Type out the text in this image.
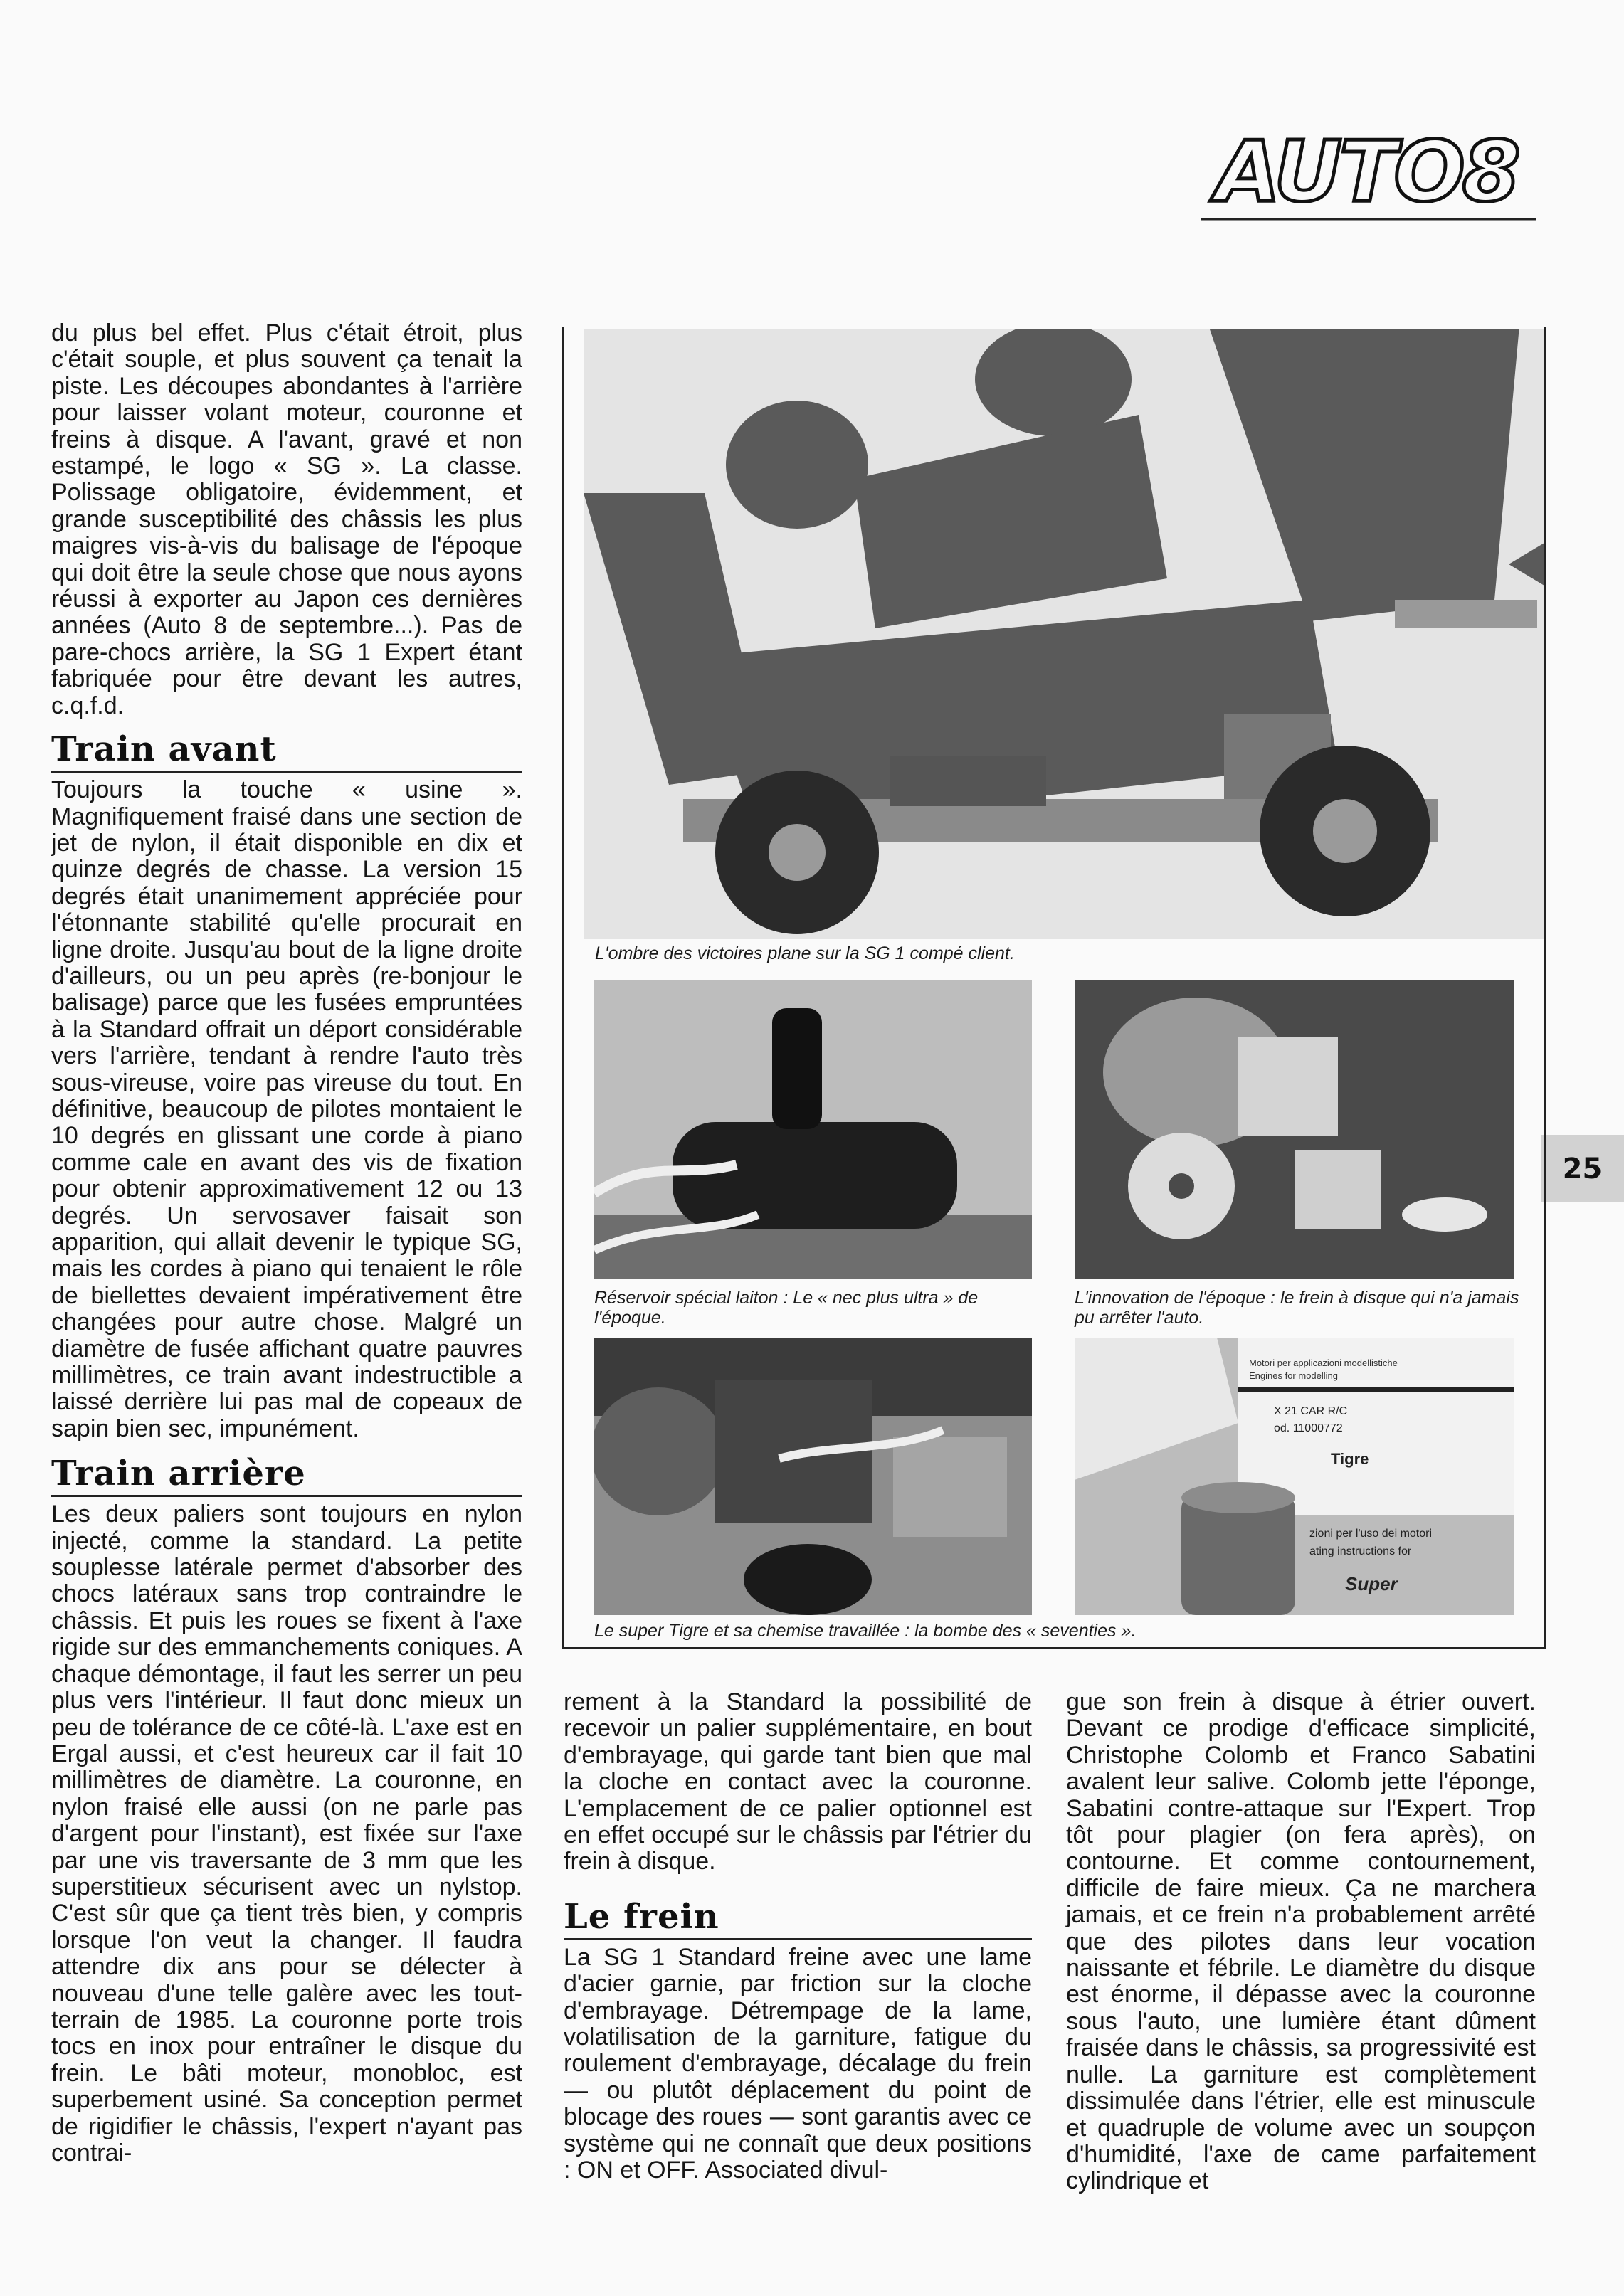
AUTO8
25

du plus bel effet. Plus c'était étroit, plus c'était souple, et plus souvent ça tenait la piste. Les découpes abondantes à l'arrière pour laisser volant moteur, couronne et freins à disque. A l'avant, gravé et non estampé, le logo « SG ». La classe. Polissage obligatoire, évidemment, et grande susceptibilité des châssis les plus maigres vis-à-vis du balisage de l'époque qui doit être la seule chose que nous ayons réussi à exporter au Japon ces dernières années (Auto 8 de septembre...). Pas de pare-chocs arrière, la SG 1 Expert étant fabriquée pour être devant les autres, c.q.f.d.

Train avant

Toujours la touche « usine ». Magnifiquement fraisé dans une section de jet de nylon, il était disponible en dix et quinze degrés de chasse. La version 15 degrés était unanimement appréciée pour l'étonnante stabilité qu'elle procurait en ligne droite. Jusqu'au bout de la ligne droite d'ailleurs, ou un peu après (re-bonjour le balisage) parce que les fusées empruntées à la Standard offrait un déport considérable vers l'arrière, tendant à rendre l'auto très sous-vireuse, voire pas vireuse du tout. En définitive, beaucoup de pilotes montaient le 10 degrés en glissant une corde à piano comme cale en avant des vis de fixation pour obtenir approximativement 12 ou 13 degrés. Un servosaver faisait son apparition, qui allait devenir le typique SG, mais les cordes à piano qui tenaient le rôle de biellettes devaient impérativement être changées pour autre chose. Malgré un diamètre de fusée affichant quatre pauvres millimètres, ce train avant indestructible a laissé derrière lui pas mal de copeaux de sapin bien sec, impunément.

Train arrière

Les deux paliers sont toujours en nylon injecté, comme la standard. La petite souplesse latérale permet d'absorber des chocs latéraux sans trop contraindre le châssis. Et puis les roues se fixent à l'axe rigide sur des emmanchements coniques. A chaque démontage, il faut les serrer un peu plus vers l'intérieur. Il faut donc mieux un peu de tolérance de ce côté-là. L'axe est en Ergal aussi, et c'est heureux car il fait 10 millimètres de diamètre. La couronne, en nylon fraisé elle aussi (on ne parle pas d'argent pour l'instant), est fixée sur l'axe par une vis traversante de 3 mm que les superstitieux sécurisent avec un nylstop. C'est sûr que ça tient très bien, y compris lorsque l'on veut la changer. Il faudra attendre dix ans pour se délecter à nouveau d'une telle galère avec les tout-terrain de 1985. La couronne porte trois tocs en inox pour entraîner le disque du frein. Le bâti moteur, monobloc, est superbement usiné. Sa conception permet de rigidifier le châssis, l'expert n'ayant pas contrai-

L'ombre des victoires plane sur la SG 1 compé client.
Réservoir spécial laiton : Le « nec plus ultra » de l'époque.
L'innovation de l'époque : le frein à disque qui n'a jamais pu arrêter l'auto.
Motori per applicazioni modellistiche
Engines for modelling
X 21 CAR R/C
od. 11000772
Tigre
zioni per l'uso dei motori
ating instructions for
Super
Le super Tigre et sa chemise travaillée : la bombe des « seventies ».

rement à la Standard la possibilité de recevoir un palier supplémentaire, en bout d'embrayage, qui garde tant bien que mal la cloche en contact avec la couronne. L'emplacement de ce palier optionnel est en effet occupé sur le châssis par l'étrier du frein à disque.

Le frein

La SG 1 Standard freine avec une lame d'acier garnie, par friction sur la cloche d'embrayage. Détrempage de la lame, volatilisation de la garniture, fatigue du roulement d'embrayage, décalage du frein — ou plutôt déplacement du point de blocage des roues — sont garantis avec ce système qui ne connaît que deux positions : ON et OFF. Associated divul-

gue son frein à disque à étrier ouvert. Devant ce prodige d'efficace simplicité, Christophe Colomb et Franco Sabatini avalent leur salive. Colomb jette l'éponge, Sabatini contre-attaque sur l'Expert. Trop tôt pour plagier (on fera après), on contourne. Et comme contournement, difficile de faire mieux. Ça ne marchera jamais, et ce frein n'a probablement arrêté que des pilotes dans leur vocation naissante et fébrile. Le diamètre du disque est énorme, il dépasse avec la couronne sous l'auto, une lumière étant dûment fraisée dans le châssis, sa progressivité est nulle. La garniture est complètement dissimulée dans l'étrier, elle est minuscule et quadruple de volume avec un soupçon d'humidité, l'axe de came parfaitement cylindrique et
